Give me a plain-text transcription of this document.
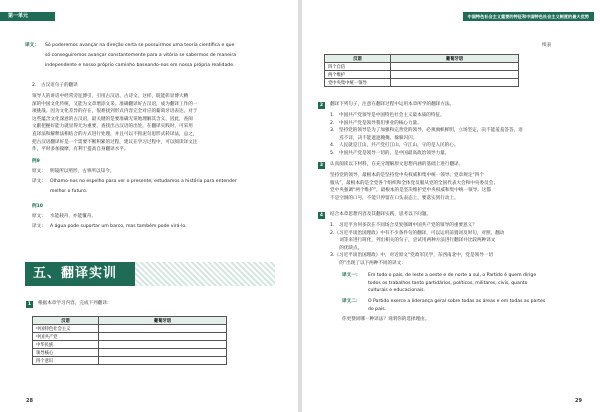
第一单元
译文： Só poderemos avançar na direção certa se possuirmos uma teoria científica e que
só conseguiremos avançar constantemente para a vitória se sabermos de maneira
independente e nosso próprio caminho baseando-nos em nossa própria realidade.
2.　古汉语句子的翻译
领导人的讲话中经常旁征博引，引用古汉语、古诗文、这样，既能彰显博大精
深的中国文化传统，又能为文章增添文采。准确翻译好古汉语，成为翻译工作的一
项挑战。因为文化差异的存在，很难找到形式内容完全对应的葡萄牙语表达，对于
这些蕴含文化深意的古汉语，最关键的是要准确无误地理解其含义，因此，查阅
文献把握好能力就显得尤为重要，查找出古汉语的出处，在翻译实践时，可采用
直译法和解释法相结合的方式进行处理，并且可以不拘泥句思形式转译法，总之，
把古汉语翻译好是一个需要不断积累的过程，建议在学习过程中，可以阅读译文注
作，平时多加揣摩，有利于提高自身翻译水平。
例9
原文： 明镜所以照形，古事所以知今。
译文： Olhamo-nos no espelho para ver o presente; estudamos a história para entender
melhor o futuro.
例10
原文： 水能载舟，亦能覆舟。
译文： A água pode suportar um barco, mas também pode virá-lo.
五、翻译实训
1	根据本章学习内容，完成下列翻译：
汉语	葡萄牙语
中国特色社会主义	
中国共产党	
中华民族	
领导核心	
四个意识	
28
中国特色社会主义重要的特征和中国特色社会主义制度的最大优势
续表
汉语	葡萄牙语
四个自信	
两个维护	
党中央集中统一领导	
2	翻译下列句子，注意在翻译过程中运用本章所学的翻译方法。
1.　中国共产党领导是中国特色社会主义最本质的特征。
2.　中国共产党是领导我们事业的核心力量。
3.　坚持党的领导是为了加强和完善党的领导，必须旗帜鲜明，立场坚定，决不能羞羞答答、语
　　焉不详，决不能遮遮掩掩、躲躲闪闪。
4.　人民就是江山，共产党打江山、守江山，守的是人民的心。
5.　中国共产党是领导一切的，是中国最高政治领导力量。
3	认真阅读以下材料，在充分理解原文思想内涵的基础上进行翻译。
坚持党的领导，最根本的是坚持党中央权威和集中统一领导。党章规定“四个
服从”，最根本的是全党各个组织和全体党员服从党的全国代表大会和中央委员会；
党中央强调“两个维护”，最根本的是坚决维护党中央权威和集中统一领导。这都
不是空洞的口号，不能只停留在口头表态上，要落实到行动上。
4	结合本章思想内容及其翻译实践，思考以下问题。
1.　习近平为何多次在不同场合反复强调中国共产党的领导的重要意义？
2.《习近平谈治国理政》中有不少条件句的翻译，可以运用前置词及时句，对照、翻动
　　词等来进行简化，列出相关的句子，尝试用两种方法进行翻译并比较两种译文
　　的优缺点。
3.《习近平谈治国理政》中，对近原文“党政军民学，东西南北中，党是领导一切
　　的”出现了以下两种不同的译文：
译文一： Em todo o país, de leste a oeste e de norte a sul, o Partido é quem dirige
todos os trabalhos tanto partidários, políticos, militares, civis, quanto
culturais e educacionais.
译文二： O Partido exerce a liderança geral sobre todas as áreas e em todas as partes
do país.
你更赞同哪一种译法？说明你的选择理由。
29
